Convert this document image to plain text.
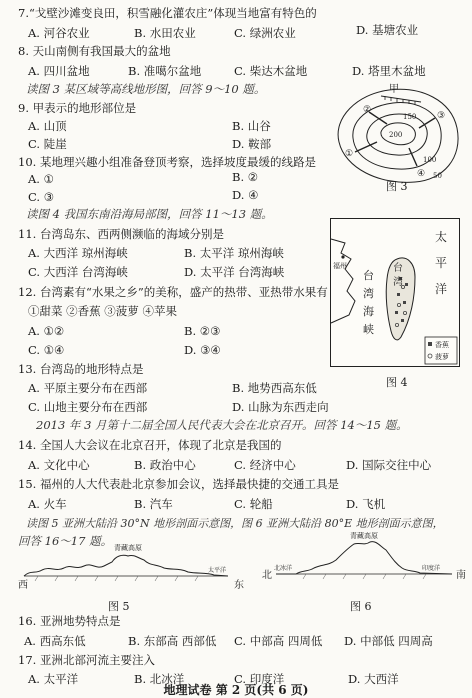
7.“戈壁沙滩变良田，积雪融化灌农庄”体现当地富有特色的
A. 河谷农业	B. 水田农业	C. 绿洲农业	D. 基塘农业
8. 天山南侧有我国最大的盆地
A. 四川盆地	B. 准噶尔盆地	C. 柴达木盆地	D. 塔里木盆地
读图 3 某区域等高线地形图，回答 9～10 题。
9. 甲表示的地形部位是
A. 山顶	B. 山谷
C. 陡崖	D. 鞍部
10. 某地理兴趣小组准备登顶考察，选择坡度最缓的线路是
A. ①	B. ②
C. ③	D. ④
甲
200
150
100
50
①
②
③
④
图 3
读图 4 我国东南沿海局部图，回答 11～13 题。
11. 台湾岛东、西两侧濒临的海域分别是
A. 大西洋 琼州海峡	B. 太平洋 琼州海峡
C. 大西洋 台湾海峡	D. 太平洋 台湾海峡
12. 台湾素有“水果之乡”的美称，盛产的热带、亚热带水果有
①甜菜 ②香蕉 ③菠萝 ④苹果
A. ①②	B. ②③
C. ①④	D. ③④
福州
太
平
洋
台
湾
台
湾
海
峡
香蕉
菠萝
图 4
13. 台湾岛的地形特点是
A. 平原主要分布在西部	B. 地势西高东低
C. 山地主要分布在西部	D. 山脉为东西走向
2013 年 3 月第十二届全国人民代表大会在北京召开。回答 14～15 题。
14. 全国人大会议在北京召开，体现了北京是我国的
A. 文化中心	B. 政治中心	C. 经济中心	D. 国际交往中心
15. 福州的人大代表赴北京参加会议，选择最快捷的交通工具是
A. 火车	B. 汽车	C. 轮船	D. 飞机
读图 5 亚洲大陆沿 30°N 地形剖面示意图，图 6 亚洲大陆沿 80°E 地形剖面示意图，
回答 16～17 题。
西	东
青藏高原
太平洋
图 5
北	南
青藏高原
北冰洋	印度洋
图 6
16. 亚洲地势特点是
A. 西高东低	B. 东部高 西部低 C. 中部高 四周低 D. 中部低 四周高
17. 亚洲北部河流主要注入
A. 太平洋	B. 北冰洋	C. 印度洋	D. 大西洋
地理试卷 第 2 页(共 6 页)
